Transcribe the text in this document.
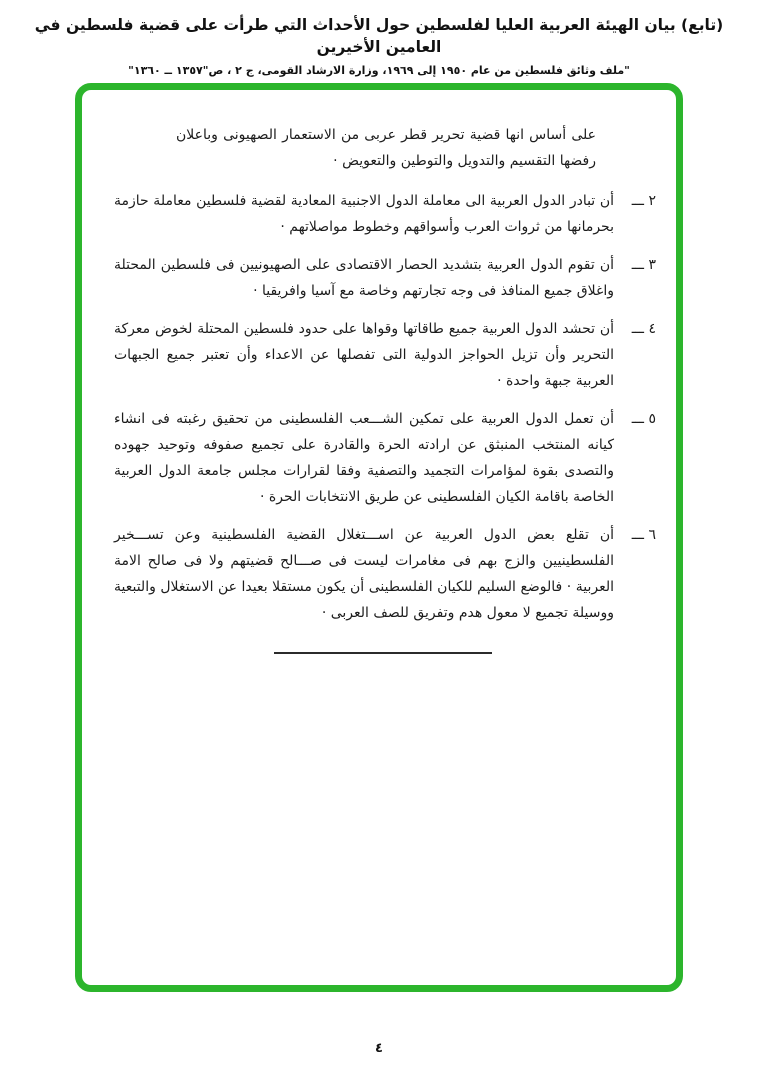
(تابع) بيان الهيئة العربية العليا لفلسطين حول الأحداث التي طرأت على قضية فلسطين في العامين الأخيرين
"ملف وثائق فلسطين من عام ١٩٥٠ إلى ١٩٦٩، وزارة الارشاد القومى، ج ٢ ، ص"١٣٥٧ ــ ١٣٦٠"

على أساس انها قضية تحرير قطر عربى من الاستعمار الصهيونى وباعلان رفضها التقسيم والتدويل والتوطين والتعويض ·

٢ ـــ
أن تبادر الدول العربية الى معاملة الدول الاجنبية المعادية لقضية فلسطين معاملة حازمة بحرمانها من ثروات العرب وأسواقهم وخطوط مواصلاتهم ·
٣ ـــ
أن تقوم الدول العربية بتشديد الحصار الاقتصادى على الصهيونيين فى فلسطين المحتلة واغلاق جميع المنافذ فى وجه تجارتهم وخاصة مع آسيا وافريقيا ·
٤ ـــ
أن تحشد الدول العربية جميع طاقاتها وقواها على حدود فلسطين المحتلة لخوض معركة التحرير وأن تزيل الحواجز الدولية التى تفصلها عن الاعداء وأن تعتبر جميع الجبهات العربية جبهة واحدة ·
٥ ـــ
أن تعمل الدول العربية على تمكين الشـــعب الفلسطينى من تحقيق رغبته فى انشاء كيانه المنتخب المنبثق عن ارادته الحرة والقادرة على تجميع صفوفه وتوحيد جهوده والتصدى بقوة لمؤامرات التجميد والتصفية وفقا لقرارات مجلس جامعة الدول العربية الخاصة باقامة الكيان الفلسطينى عن طريق الانتخابات الحرة ·
٦ ـــ
أن تقلع بعض الدول العربية عن اســـتغلال القضية الفلسطينية وعن تســـخير الفلسطينيين والزج بهم فى مغامرات ليست فى صـــالح قضيتهم ولا فى صالح الامة العربية · فالوضع السليم للكيان الفلسطينى أن يكون مستقلا بعيدا عن الاستغلال والتبعية ووسيلة تجميع لا معول هدم وتفريق للصف العربى ·
٤
